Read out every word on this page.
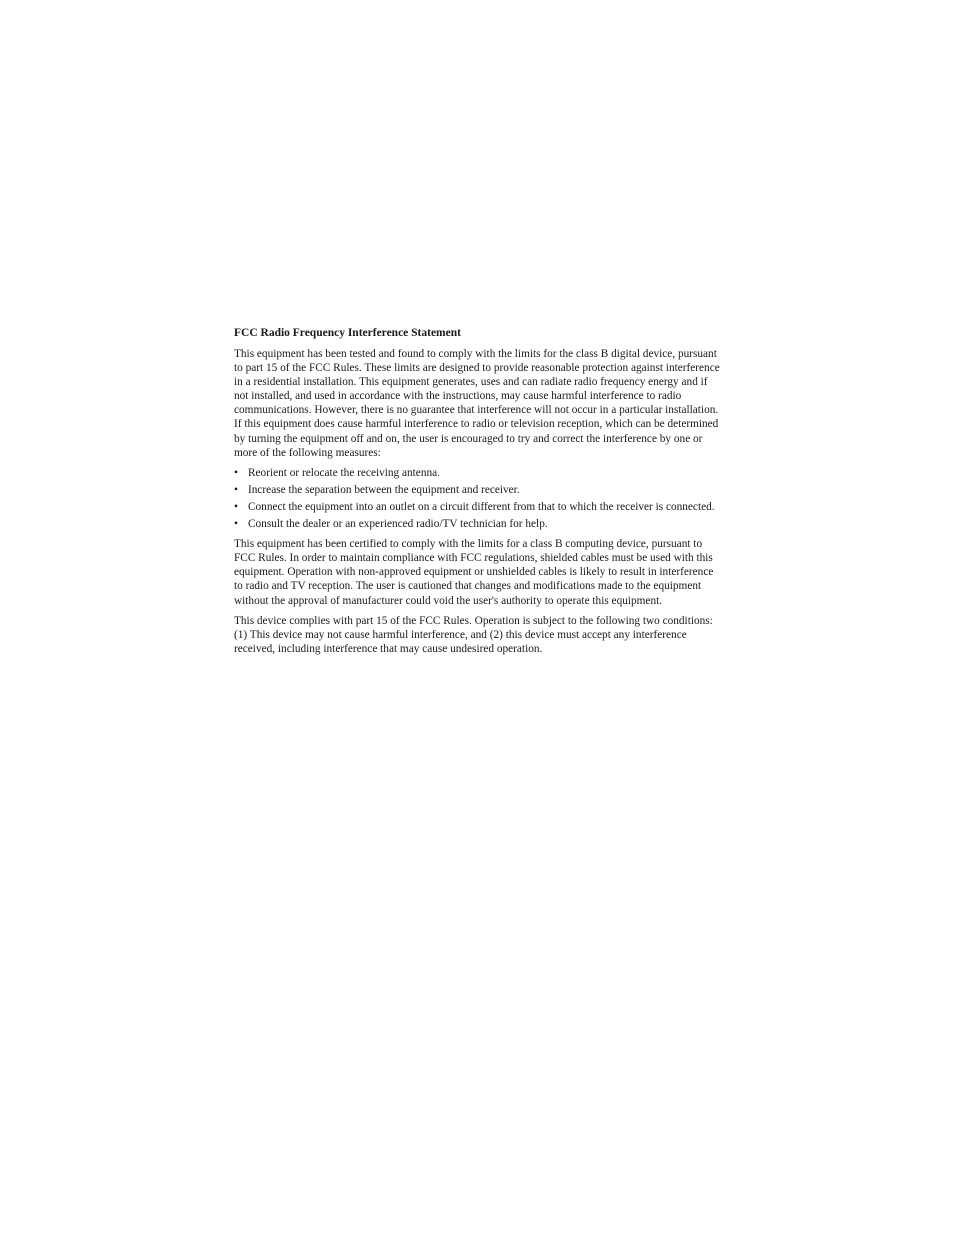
FCC Radio Frequency Interference Statement

This equipment has been tested and found to comply with the limits for the class B digital device, pursuant to part 15 of the FCC Rules. These limits are designed to provide reasonable protection against interference in a residential installation. This equipment generates, uses and can radiate radio frequency energy and if not installed, and used in accordance with the instructions, may cause harmful interference to radio communications. However, there is no guarantee that interference will not occur in a particular installation. If this equipment does cause harmful interference to radio or television reception, which can be determined by turning the equipment off and on, the user is encouraged to try and correct the interference by one or more of the following measures:

• Reorient or relocate the receiving antenna.
• Increase the separation between the equipment and receiver.
• Connect the equipment into an outlet on a circuit different from that to which the receiver is connected.
• Consult the dealer or an experienced radio/TV technician for help.

This equipment has been certified to comply with the limits for a class B computing device, pursuant to FCC Rules. In order to maintain compliance with FCC regulations, shielded cables must be used with this equipment. Operation with non-approved equipment or unshielded cables is likely to result in interference to radio and TV reception. The user is cautioned that changes and modifications made to the equipment without the approval of manufacturer could void the user's authority to operate this equipment.

This device complies with part 15 of the FCC Rules. Operation is subject to the following two conditions: (1) This device may not cause harmful interference, and (2) this device must accept any interference received, including interference that may cause undesired operation.
